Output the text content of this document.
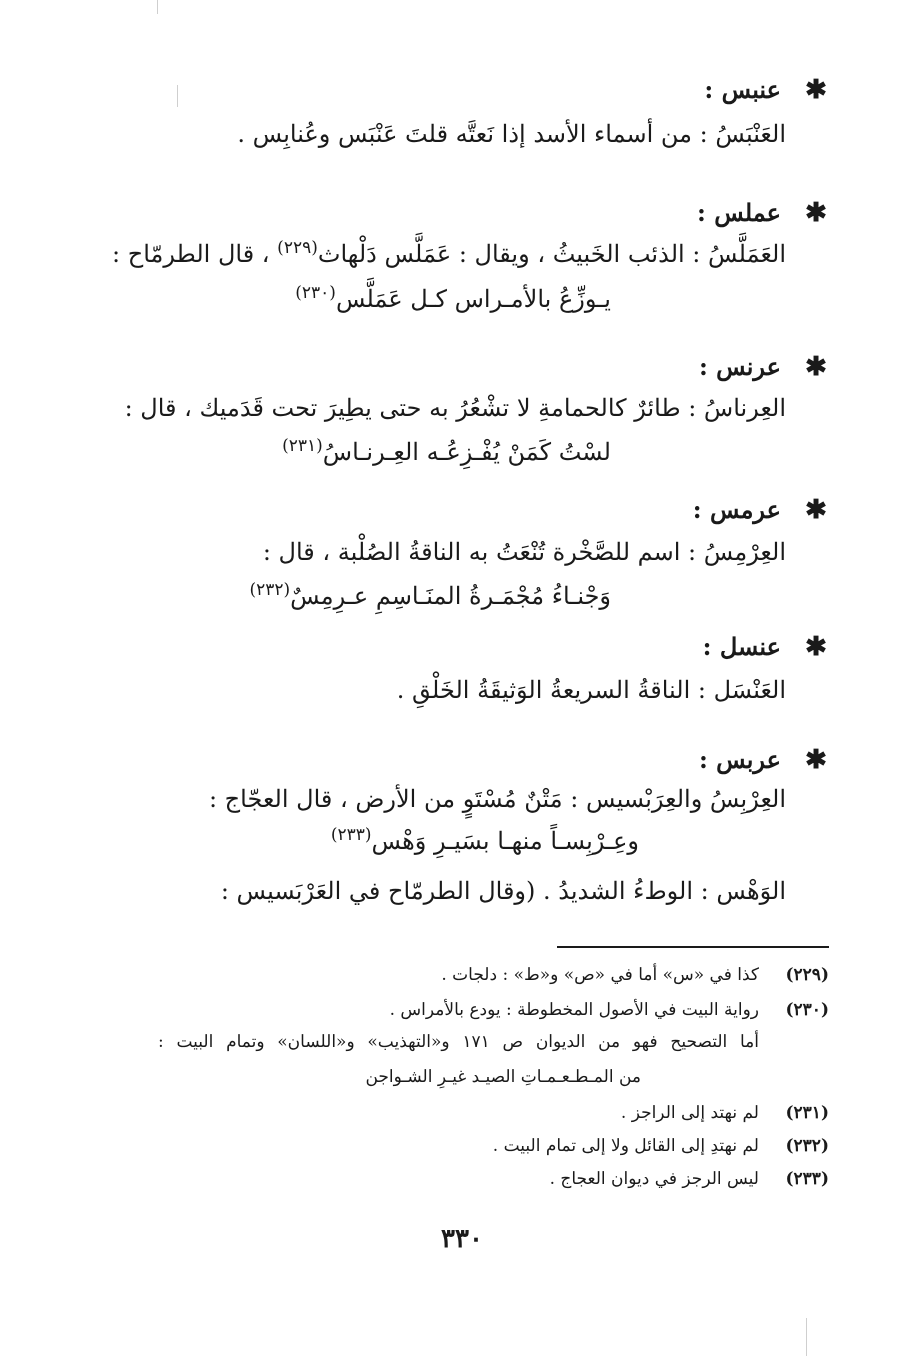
✱عنبس :
العَنْبَسُ : من أسماء الأسد إذا نَعتَّه قلتَ عَنْبَس وعُنابِس .
✱عملس :
العَمَلَّسُ : الذئب الخَبيثُ ، ويقال : عَمَلَّس دَلْهاث$^{(٢٢٩)}$ ، قال الطرمّاح :
يـوزِّعُ بالأمـراس كـل عَمَلَّس$^{(٢٣٠)}$
✱عرنس :
العِرناسُ : طائرٌ كالحمامةِ لا تشْعُرُ به حتى يطِيرَ تحت قَدَميك ، قال :
لسْتُ كَمَنْ يُفْـزِعُـه العِـرنـاسُ$^{(٢٣١)}$
✱عرمس :
العِرْمِسُ : اسم للصَّخْرة تُنْعَتُ به الناقةُ الصُلْبة ، قال :
وَجْنـاءُ مُجْمَـرةُ المنَـاسِمِ عـرِمِسٌ$^{(٢٣٢)}$
✱عنسل :
العَنْسَل : الناقةُ السريعةُ الوَثيقَةُ الخَلْقِ .
✱عربس :
العِرْبِسُ والعِرَبْسيس : مَتْنٌ مُسْتَوٍ من الأرض ، قال العجّاج :
وعِـرْبِسـاً منهـا بسَيـرِ وَهْس$^{(٢٣٣)}$
الوَهْس : الوطءُ الشديدُ . (وقال الطرمّاح في العَرْبَسيس :
(٢٢٩)
كذا في «س» أما في «ص» و«ط» : دلجات .
(٢٣٠)
رواية البيت في الأصول المخطوطة : يودع بالأمراس .
أما التصحيح فهو من الديوان ص ١٧١ و«التهذيب» و«اللسان» وتمام البيت :
من المـطـعـمـاتِ الصيـد غيـرِ الشـواجن
(٢٣١)
لم نهتد إلى الراجز .
(٢٣٢)
لم نهتدِ إلى القائل ولا إلى تمام البيت .
(٢٣٣)
ليس الرجز في ديوان العجاج .
٣٣٠
